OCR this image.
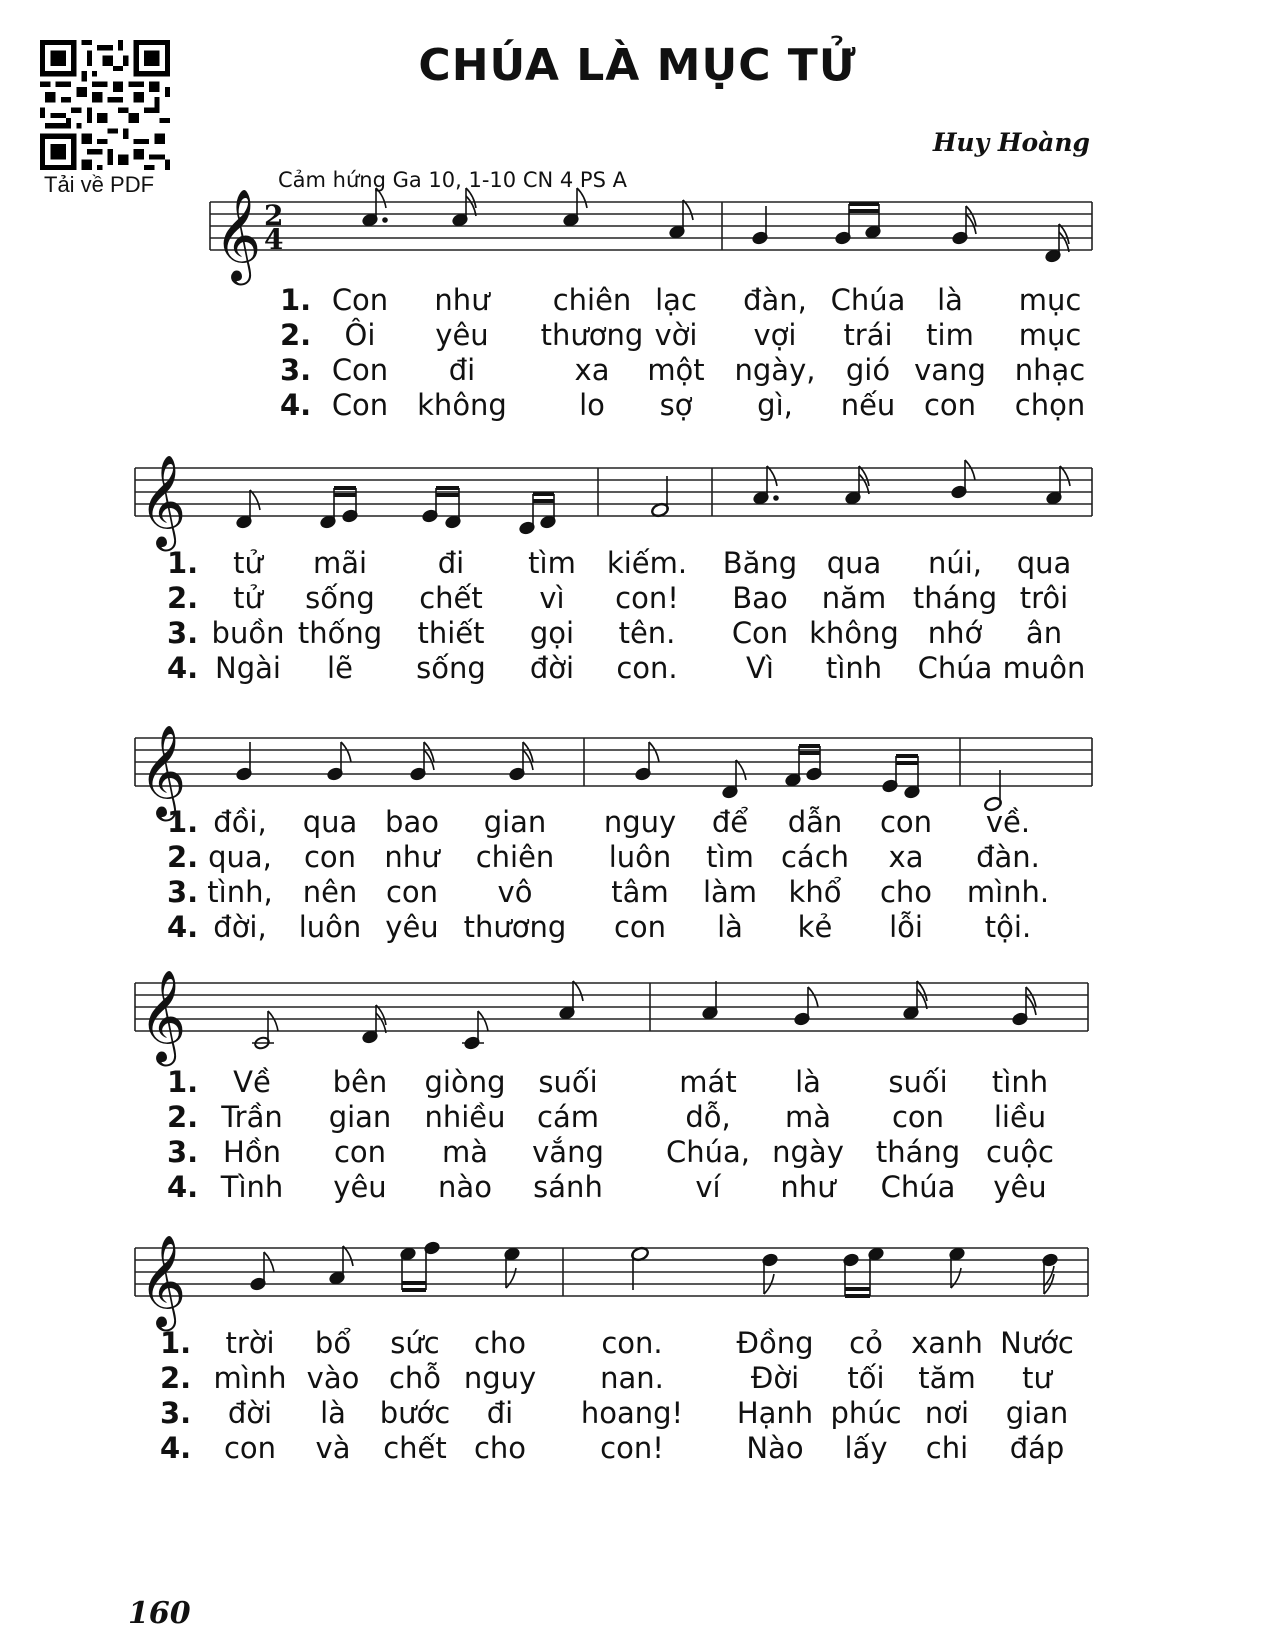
Tải về PDF
CHÚA LÀ MỤC TỬ
Huy Hoàng
Cảm hứng Ga 10, 1-10 CN 4 PS A
𝄞
𝄞
𝄞
𝄞
𝄞
2
4
1. Con như chiên lạc đàn, Chúa là mục
2. Ôi yêu thương vời vợi trái tim mục
3. Con đi	xa một ngày, gió vang nhạc
4. Con không lo sợ gì, nếu con chọn
1. tử mãi đi tìm kiếm. Băng qua núi, qua
2. tử sống chết vì con! Bao năm tháng trôi
3. buồn thống thiết gọi tên. Con không nhớ ân
4. Ngài lẽ sống đời con. Vì tình Chúa muôn
1. đồi, qua bao gian nguy để dẫn con về.
2. qua, con như chiên luôn tìm cách xa đàn.
3. tình, nên con vô	tâm làm khổ cho mình.
4. đời, luôn yêu thương con là kẻ lỗi tội.
1. Về bên giòng suối	mát là suối tình
2. Trần gian nhiều cám	dỗ, mà con liều
3. Hồn con mà vắng Chúa, ngày tháng cuộc
4. Tình yêu nào sánh	ví như Chúa yêu
1. trời bổ sức cho	con.	Đồng cỏ xanh Nước
2. mình vào chỗ nguy nan.	Đời tối tăm tư
3. đời là bước đi hoang! Hạnh phúc nơi gian
4. con và chết cho	con!	Nào lấy chi đáp
160
